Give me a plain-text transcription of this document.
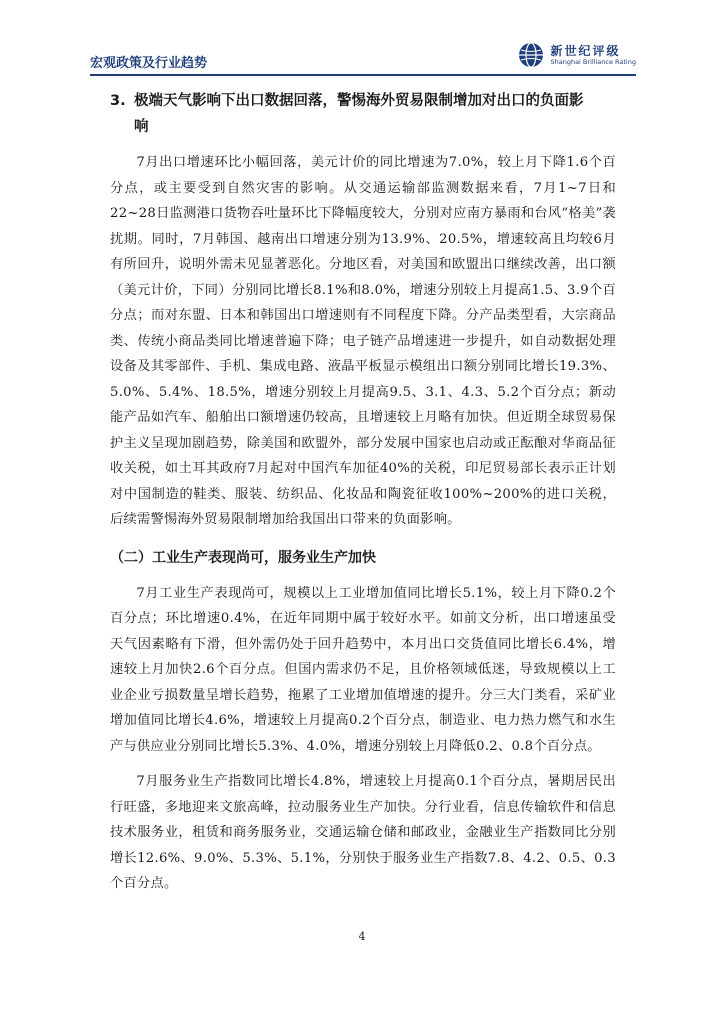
宏观政策及行业趋势
新世纪评级
Shanghai Brilliance Rating
3. 极端天气影响下出口数据回落，警惕海外贸易限制增加对出口的负面影
响

7月出口增速环比小幅回落，美元计价的同比增速为7.0%，较上月下降1.6个百分点，或主要受到自然灾害的影响。从交通运输部监测数据来看，7月1~7日和22~28日监测港口货物吞吐量环比下降幅度较大，分别对应南方暴雨和台风“格美”袭扰期。同时，7月韩国、越南出口增速分别为13.9%、20.5%，增速较高且均较6月有所回升，说明外需未见显著恶化。分地区看，对美国和欧盟出口继续改善，出口额（美元计价，下同）分别同比增长8.1%和8.0%，增速分别较上月提高1.5、3.9个百分点；而对东盟、日本和韩国出口增速则有不同程度下降。分产品类型看，大宗商品类、传统小商品类同比增速普遍下降；电子链产品增速进一步提升，如自动数据处理设备及其零部件、手机、集成电路、液晶平板显示模组出口额分别同比增长19.3%、5.0%、5.4%、18.5%，增速分别较上月提高9.5、3.1、4.3、5.2个百分点；新动能产品如汽车、船舶出口额增速仍较高，且增速较上月略有加快。但近期全球贸易保护主义呈现加剧趋势，除美国和欧盟外，部分发展中国家也启动或正酝酿对华商品征收关税，如土耳其政府7月起对中国汽车加征40%的关税，印尼贸易部长表示正计划对中国制造的鞋类、服装、纺织品、化妆品和陶瓷征收100%~200%的进口关税，后续需警惕海外贸易限制增加给我国出口带来的负面影响。

（二）工业生产表现尚可，服务业生产加快

7月工业生产表现尚可，规模以上工业增加值同比增长5.1%，较上月下降0.2个百分点；环比增速0.4%，在近年同期中属于较好水平。如前文分析，出口增速虽受天气因素略有下滑，但外需仍处于回升趋势中，本月出口交货值同比增长6.4%，增速较上月加快2.6个百分点。但国内需求仍不足，且价格领域低迷，导致规模以上工业企业亏损数量呈增长趋势，拖累了工业增加值增速的提升。分三大门类看，采矿业增加值同比增长4.6%，增速较上月提高0.2个百分点，制造业、电力热力燃气和水生产与供应业分别同比增长5.3%、4.0%，增速分别较上月降低0.2、0.8个百分点。

7月服务业生产指数同比增长4.8%，增速较上月提高0.1个百分点，暑期居民出行旺盛，多地迎来文旅高峰，拉动服务业生产加快。分行业看，信息传输软件和信息技术服务业，租赁和商务服务业，交通运输仓储和邮政业，金融业生产指数同比分别增长12.6%、9.0%、5.3%、5.1%，分别快于服务业生产指数7.8、4.2、0.5、0.3个百分点。

4
